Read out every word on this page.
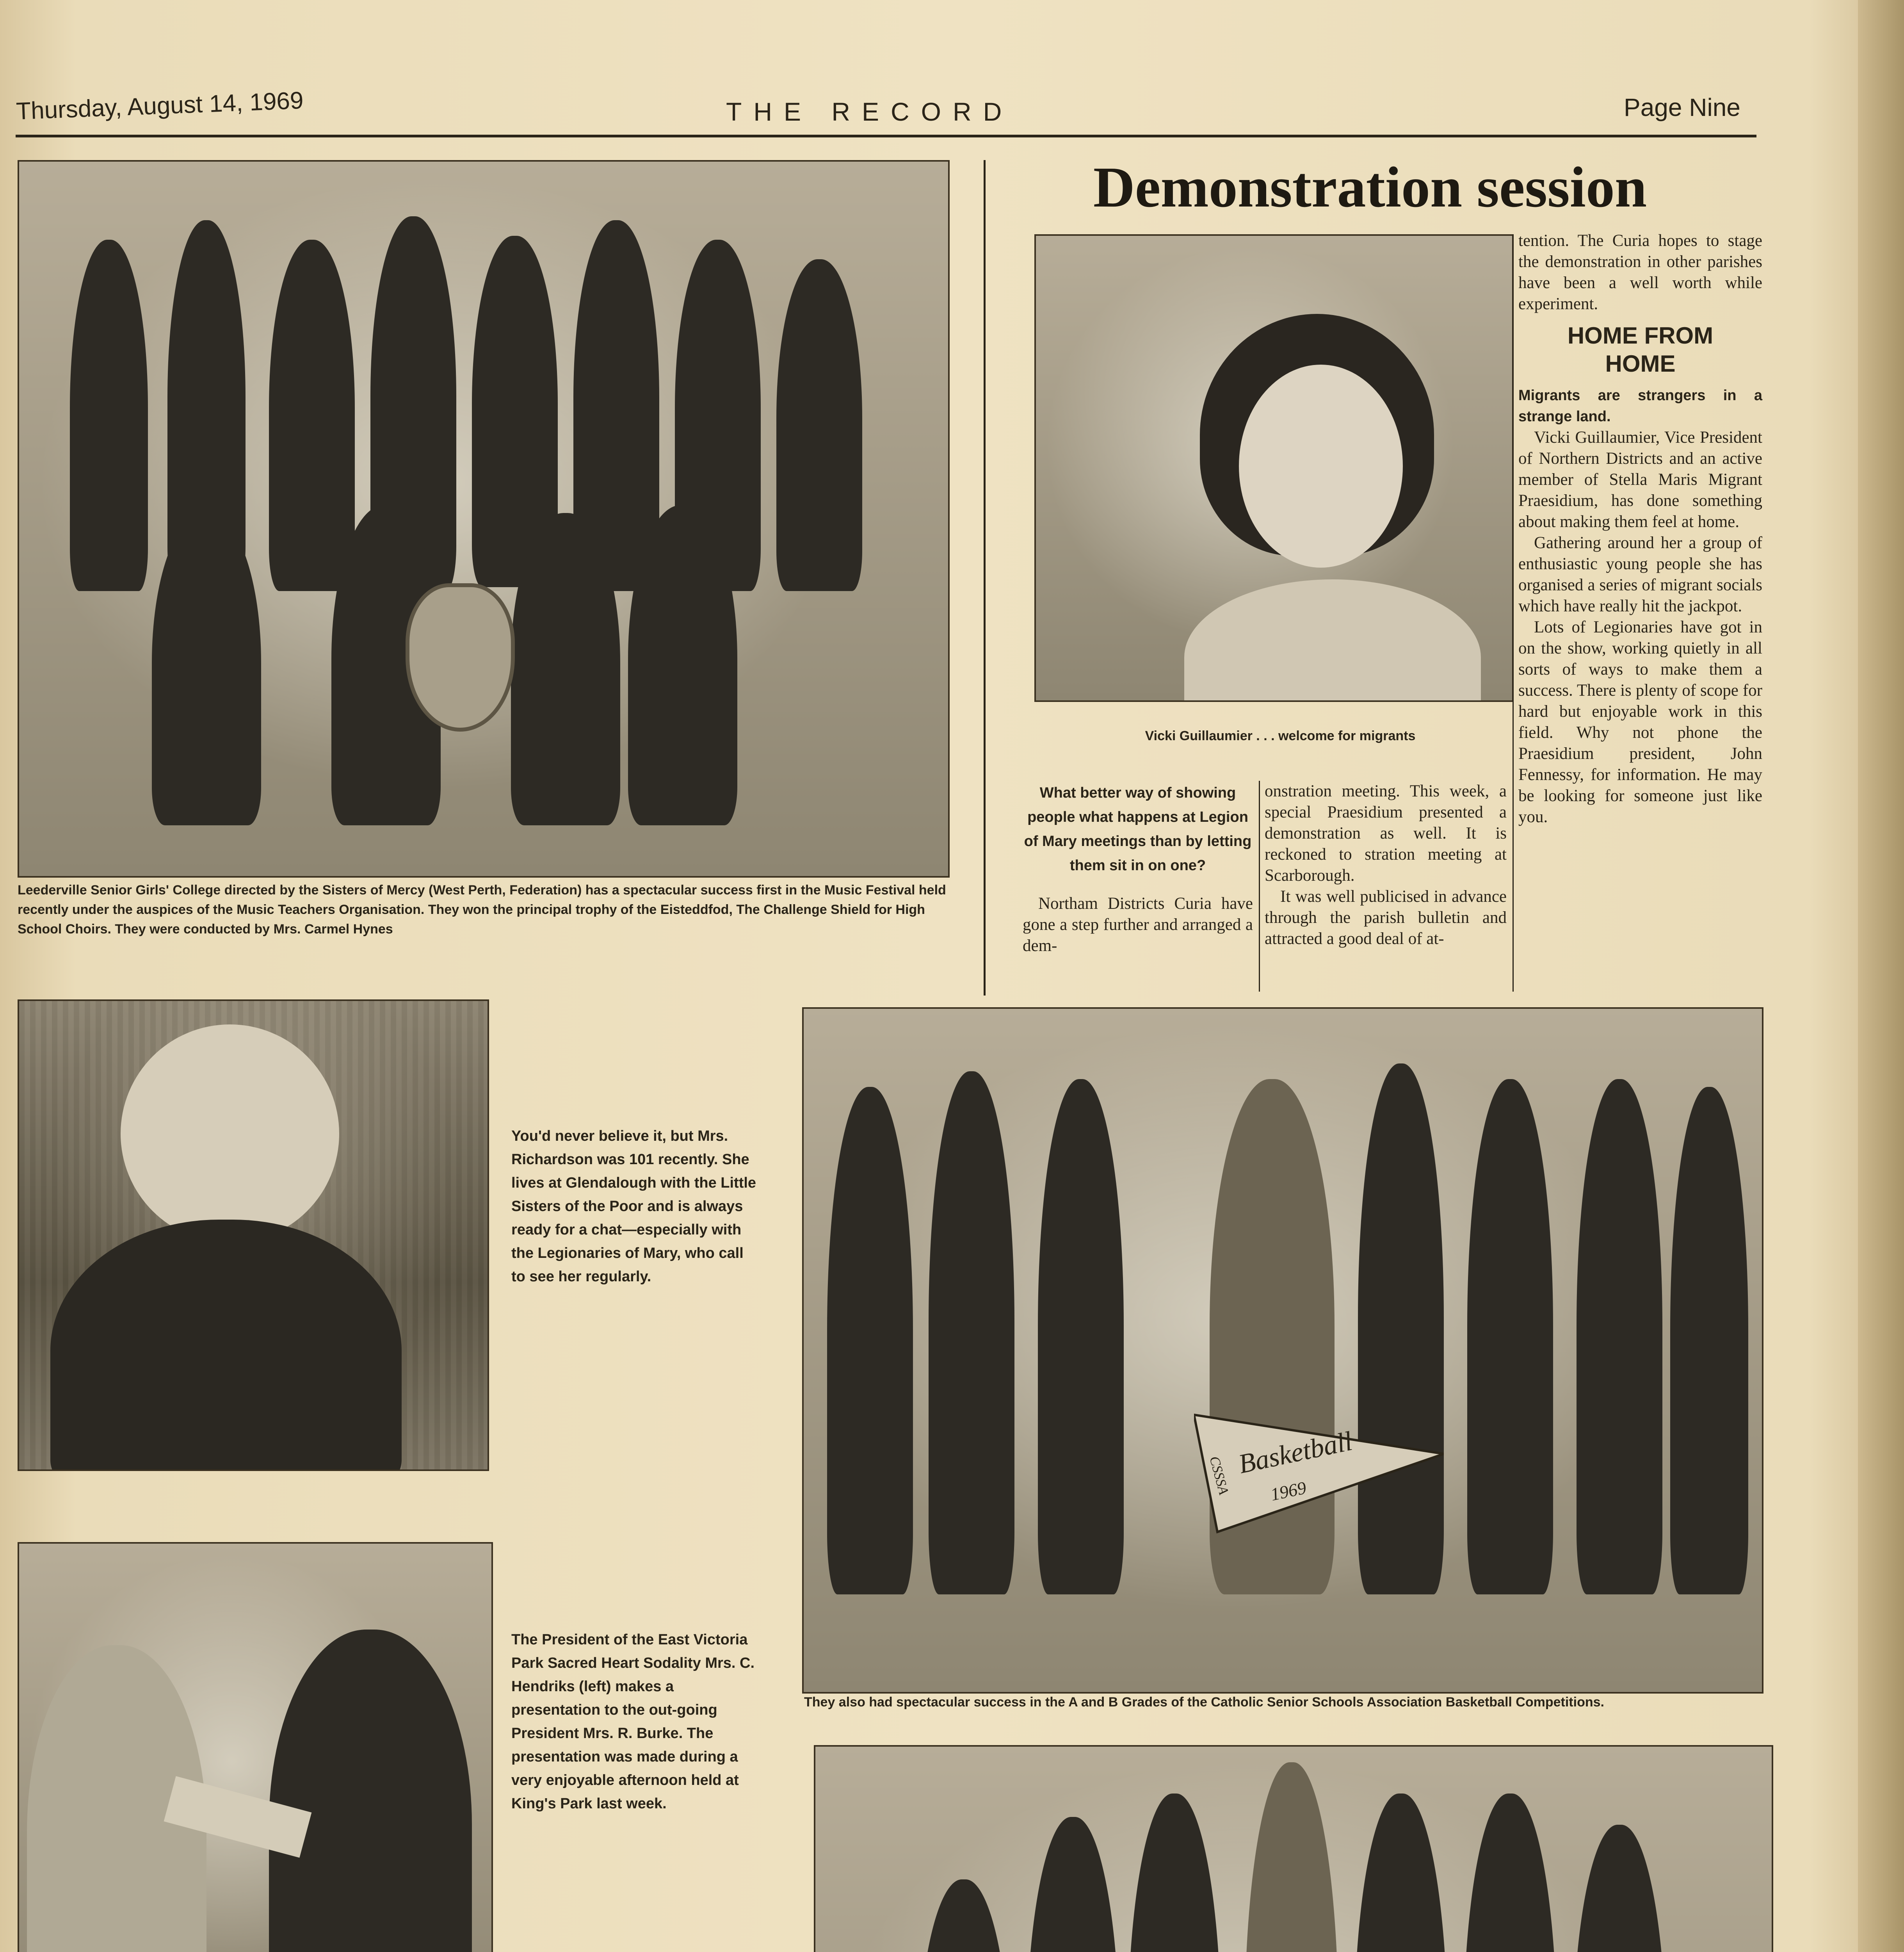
Thursday, August 14, 1969	THE RECORD	Page Nine
Leederville Senior Girls' College directed by the Sisters of Mercy (West Perth, Federation) has a spectacular success first in the Music Festival held recently under the auspices of the Music Teachers Organisation. They won the principal trophy of the Eisteddfod, The Challenge Shield for High School Choirs. They were conducted by Mrs. Carmel Hynes
You'd never believe it, but Mrs. Richardson was 101 recently. She lives at Glendalough with the Little Sisters of the Poor and is always ready for a chat—especially with the Legionaries of Mary, who call to see her regularly.
The President of the East Victoria Park Sacred Heart Sodality Mrs. C. Hendriks (left) makes a presentation to the out-going President Mrs. R. Burke. The presentation was made during a very enjoyable afternoon held at King's Park last week.
Demonstration session
Vicki Guillaumier . . . welcome for migrants
What better way of showing people what happens at Legion of Mary meetings than by letting them sit in on one?
Northam Districts Curia have gone a step further and arranged a dem-
onstration meeting. This week, a special Praesidium presented a demonstration as well. It is reckoned to stration meeting at Scarborough.
It was well publicised in advance through the parish bulletin and attracted a good deal of at-
tention. The Curia hopes to stage the demonstration in other parishes have been a well worth while experiment.
HOME FROM HOME
Migrants are strangers in a strange land.
Vicki Guillaumier, Vice President of Northern Districts and an active member of Stella Maris Migrant Praesidium, has done something about making them feel at home.
Gathering around her a group of enthusiastic young people she has organised a series of migrant socials which have really hit the jackpot.
Lots of Legionaries have got in on the show, working quietly in all sorts of ways to make them a success. There is plenty of scope for hard but enjoyable work in this field. Why not phone the Praesidium president, John Fennessy, for information. He may be looking for someone just like you.
Basketball
1969
CSSSA
They also had spectacular success in the A and B Grades of the Catholic Senior Schools Association Basketball Competitions.
